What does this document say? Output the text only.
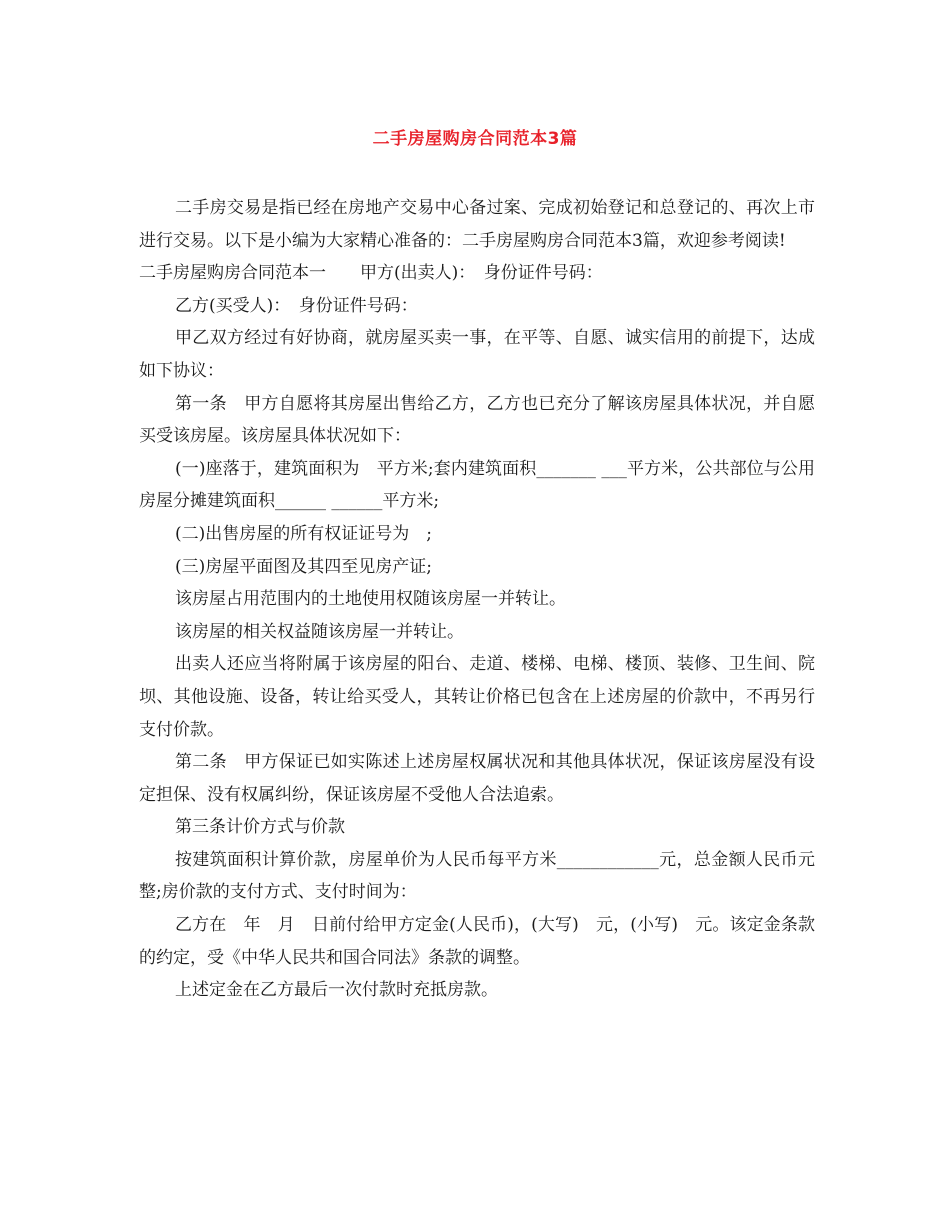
二手房屋购房合同范本3篇

二手房交易是指已经在房地产交易中心备过案、完成初始登记和总登记的、再次上市进行交易。以下是小编为大家精心准备的：二手房屋购房合同范本3篇，欢迎参考阅读!

二手房屋购房合同范本一　　甲方(出卖人)：　身份证件号码：

乙方(买受人)：　身份证件号码：

甲乙双方经过有好协商，就房屋买卖一事，在平等、自愿、诚实信用的前提下，达成如下协议：

第一条　甲方自愿将其房屋出售给乙方，乙方也已充分了解该房屋具体状况，并自愿买受该房屋。该房屋具体状况如下：

(一)座落于，建筑面积为　平方米;套内建筑面积_______ ___平方米，公共部位与公用房屋分摊建筑面积______ ______平方米;

(二)出售房屋的所有权证证号为　;

(三)房屋平面图及其四至见房产证;

该房屋占用范围内的土地使用权随该房屋一并转让。

该房屋的相关权益随该房屋一并转让。

出卖人还应当将附属于该房屋的阳台、走道、楼梯、电梯、楼顶、装修、卫生间、院坝、其他设施、设备，转让给买受人，其转让价格已包含在上述房屋的价款中，不再另行支付价款。

第二条　甲方保证已如实陈述上述房屋权属状况和其他具体状况，保证该房屋没有设定担保、没有权属纠纷，保证该房屋不受他人合法追索。

第三条计价方式与价款

按建筑面积计算价款，房屋单价为人民币每平方米____________元，总金额人民币元整;房价款的支付方式、支付时间为：

乙方在　年　月　日前付给甲方定金(人民币)，(大写)　元，(小写)　元。该定金条款的约定，受《中华人民共和国合同法》条款的调整。

上述定金在乙方最后一次付款时充抵房款。
